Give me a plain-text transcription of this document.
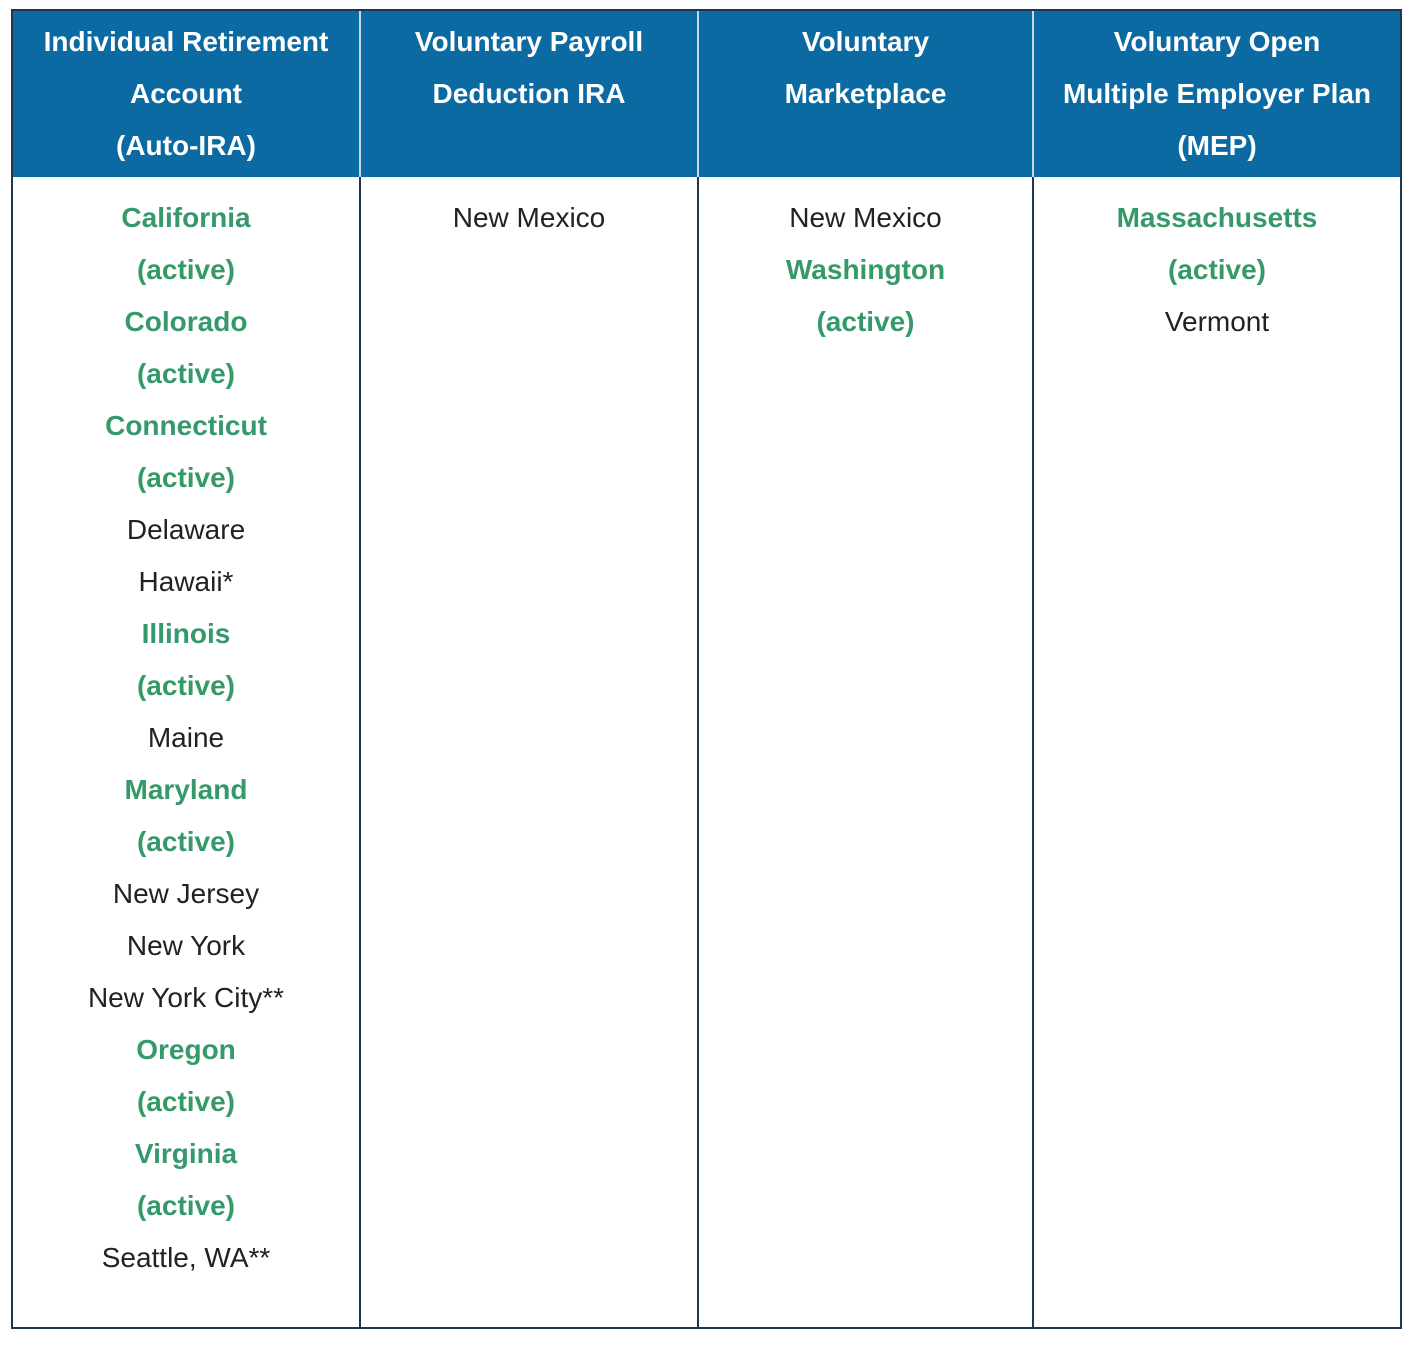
Individual Retirement
Account
(Auto-IRA)
Voluntary Payroll
Deduction IRA
Voluntary
Marketplace
Voluntary Open
Multiple Employer Plan
(MEP)
California
(active)
Colorado
(active)
Connecticut
(active)
Delaware
Hawaii*
Illinois
(active)
Maine
Maryland
(active)
New Jersey
New York
New York City**
Oregon
(active)
Virginia
(active)
Seattle, WA**
New Mexico	New Mexico
Washington
(active)
Massachusetts
(active)
Vermont
